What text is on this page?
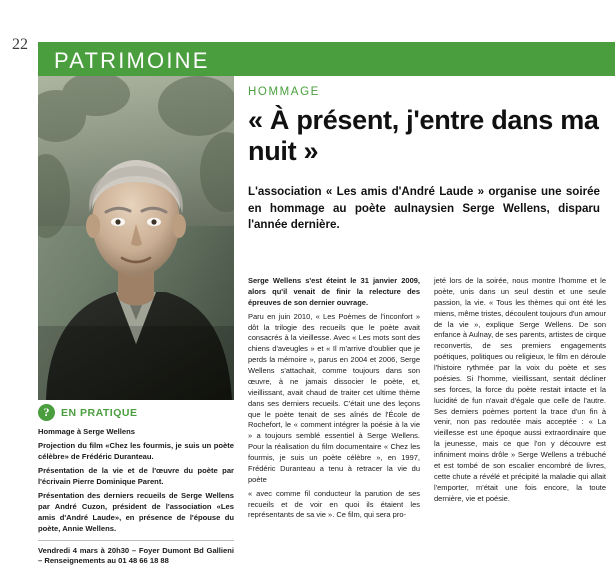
22
PATRIMOINE
?	EN PRATIQUE

Hommage à Serge Wellens

Projection du film «Chez les fourmis, je suis un poète célèbre» de Frédéric Duranteau.

Présentation de la vie et de l'œuvre du poète par l'écrivain Pierre Dominique Parent.

Présentation des derniers recueils de Serge Wellens par André Cuzon, président de l'association «Les amis d'André Laude», en présence de l'épouse du poète, Annie Wellens.

Vendredi 4 mars à 20h30 – Foyer Dumont Bd Gallieni – Renseignements au 01 48 66 18 88

HOMMAGE
« À présent, j'entre dans ma nuit »
L'association « Les amis d'André Laude » organise une soirée en hommage au poète aulnaysien Serge Wellens, disparu l'année dernière.

Serge Wellens s'est éteint le 31 janvier 2009, alors qu'il venait de finir la relecture des épreuves de son dernier ouvrage.

Paru en juin 2010, « Les Poèmes de l'inconfort » dôt la trilogie des recueils que le poète avait consacrés à la vieillesse. Avec « Les mots sont des chiens d'aveugles » et « Il m'arrive d'oublier que je perds la mémoire », parus en 2004 et 2006, Serge Wellens s'attachait, comme toujours dans son œuvre, à ne jamais dissocier le poète, et, vieillissant, avait chaud de traiter cet ultime thème dans ses derniers recueils. C'était une des leçons que le poète tenait de ses aînés de l'École de Rochefort, le « comment intégrer la poésie à la vie » a toujours semblé essentiel à Serge Wellens. Pour la réalisation du film documentaire « Chez les fourmis, je suis un poète célèbre », en 1997, Frédéric Duranteau a tenu à retracer la vie du poète

« avec comme fil conducteur la parution de ses recueils et de voir en quoi ils étaient les représentants de sa vie ». Ce film, qui sera pro-

jeté lors de la soirée, nous montre l'homme et le poète, unis dans un seul destin et une seule passion, la vie. « Tous les thèmes qui ont été les miens, même tristes, découlent toujours d'un amour de la vie », explique Serge Wellens. De son enfance à Aulnay, de ses parents, artistes de cirque reconvertis, de ses premiers engagements poétiques, politiques ou religieux, le film en déroule l'histoire rythmée par la voix du poète et ses poésies. Si l'homme, vieillissant, sentait décliner ses forces, la force du poète restait intacte et la lucidité de fun n'avait d'égale que celle de l'autre. Ses derniers poèmes portent la trace d'un fin à venir, non pas redoutée mais acceptée : « La vieillesse est une époque aussi extraordinaire que la jeunesse, mais ce que l'on y découvre est infiniment moins drôle » Serge Wellens a trébuché et est tombé de son escalier encombré de livres, cette chute a révélé et précipité la maladie qui allait l'emporter, m'était une fois encore, la toute dernière, vie et poésie.
